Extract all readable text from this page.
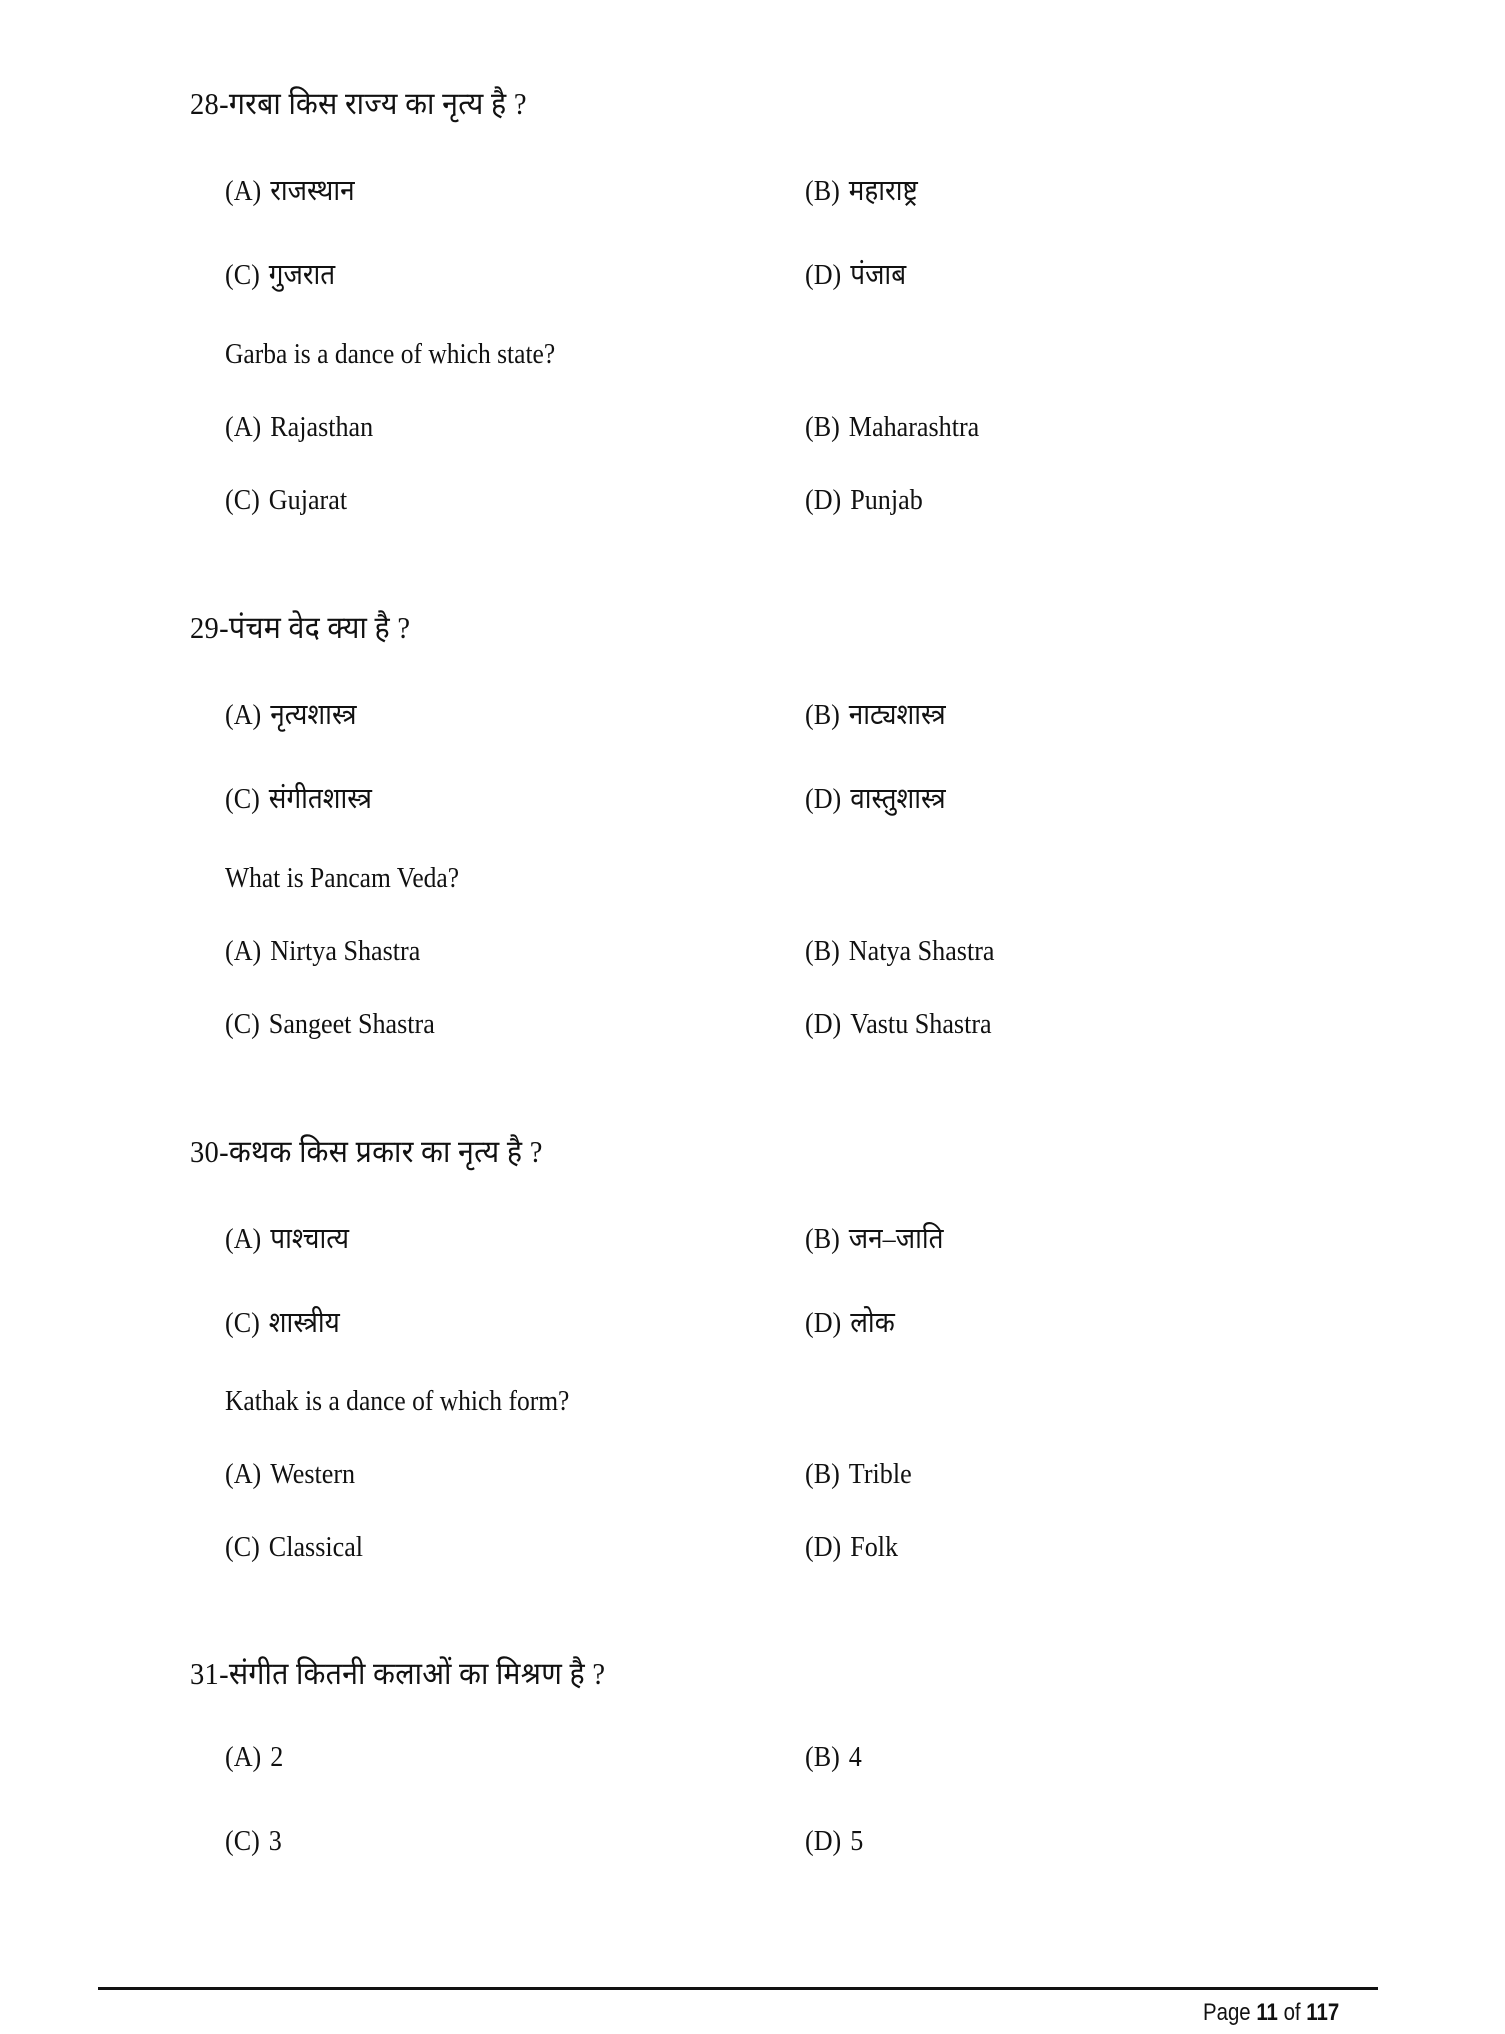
28-गरबा किस राज्य का नृत्य है ?
(A) राजस्थान	(B) महाराष्ट्र
(C) गुजरात	(D) पंजाब
Garba is a dance of which state?
(A) Rajasthan	(B) Maharashtra
(C) Gujarat	(D) Punjab
29-पंचम वेद क्या है ?
(A) नृत्यशास्त्र	(B) नाट्यशास्त्र
(C) संगीतशास्त्र	(D) वास्तुशास्त्र
What is Pancam Veda?
(A) Nirtya Shastra	(B) Natya Shastra
(C) Sangeet Shastra	(D) Vastu Shastra
30-कथक किस प्रकार का नृत्य है ?
(A) पाश्चात्य	(B) जन–जाति
(C) शास्त्रीय	(D) लोक
Kathak is a dance of which form?
(A) Western	(B) Trible
(C) Classical	(D) Folk
31-संगीत कितनी कलाओं का मिश्रण है ?
(A) 2	(B) 4
(C) 3	(D) 5
Page 11 of 117
